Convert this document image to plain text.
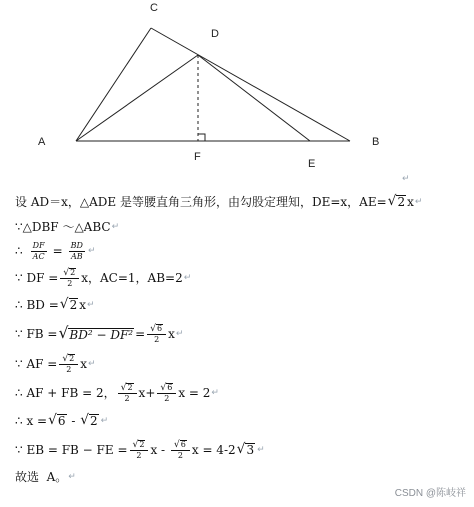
C
D
A	B
F
E
↵
设 AD＝x，△ADE 是等腰直角三角形，由勾股定理知，DE=x，AE= √ 2 x ↵
∵△DBF ～△ABC ↵
∴ $\frac{DF}{AC} = \frac{BD}{AB}$ ↵
∵ DF = $\frac{√ 2}{2}$ x，AC=1，AB=2 ↵
∴ BD = √ 2 x ↵
∵ FB = √ $BD^2 - DF^2 = \frac{√ 6}{2}$ x ↵
∵ AF = $\frac{√ 2}{2}$ x ↵
∴ AF + FB = 2， $\frac{√ 2}{2} x+ \frac{√ 6}{2}$ x = 2 ↵
∴ x = √ 6 - √ 2 ↵
∵ EB = FB − FE = $\frac{√ 2}{2}$ x - $\frac{√ 6}{2}$ x = 4-2 √ 3 ↵
故选  A。 ↵
CSDN @陈岐祥
